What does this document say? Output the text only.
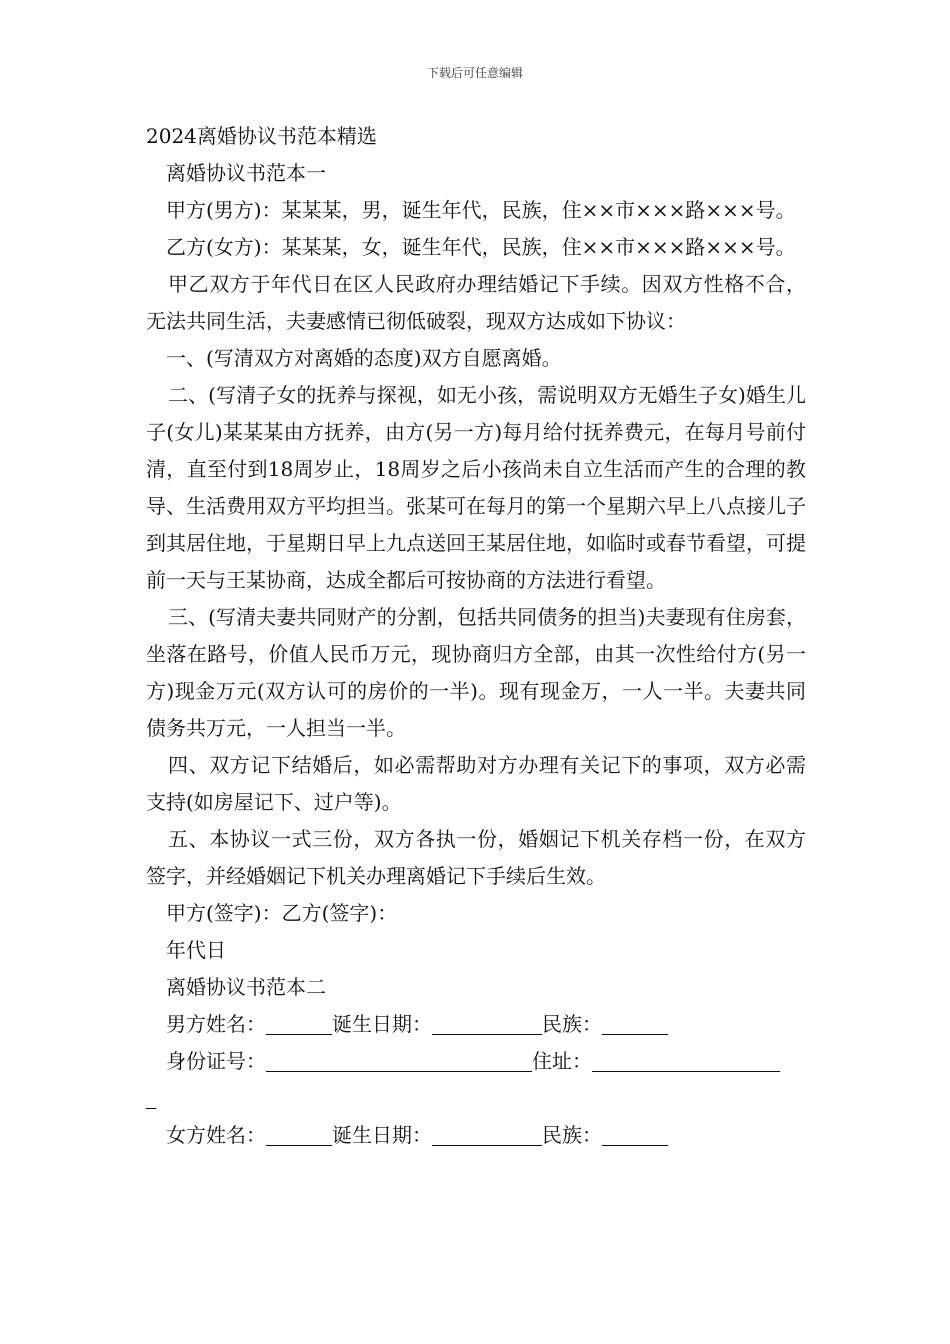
下载后可任意编辑
2024离婚协议书范本精选
离婚协议书范本一
甲方(男方)：某某某，男，诞生年代，民族，住××市×××路×××号。
乙方(女方)：某某某，女，诞生年代，民族，住××市×××路×××号。

甲乙双方于年代日在区人民政府办理结婚记下手续。因双方性格不合，无法共同生活，夫妻感情已彻低破裂，现双方达成如下协议：

一、(写清双方对离婚的态度)双方自愿离婚。

二、(写清子女的抚养与探视，如无小孩，需说明双方无婚生子女)婚生儿子(女儿)某某某由方抚养，由方(另一方)每月给付抚养费元，在每月号前付清，直至付到18周岁止，18周岁之后小孩尚未自立生活而产生的合理的教导、生活费用双方平均担当。张某可在每月的第一个星期六早上八点接儿子到其居住地，于星期日早上九点送回王某居住地，如临时或春节看望，可提前一天与王某协商，达成全都后可按协商的方法进行看望。

三、(写清夫妻共同财产的分割，包括共同债务的担当)夫妻现有住房套，坐落在路号，价值人民币万元，现协商归方全部，由其一次性给付方(另一方)现金万元(双方认可的房价的一半)。现有现金万，一人一半。夫妻共同债务共万元，一人担当一半。

四、双方记下结婚后，如必需帮助对方办理有关记下的事项，双方必需支持(如房屋记下、过户等)。

五、本协议一式三份，双方各执一份，婚姻记下机关存档一份，在双方签字，并经婚姻记下机关办理离婚记下手续后生效。

甲方(签字)：乙方(签字)：
年代日
离婚协议书范本二
男方姓名：	诞生日期：	民族：
身份证号：	住址：
女方姓名：	诞生日期：	民族：
